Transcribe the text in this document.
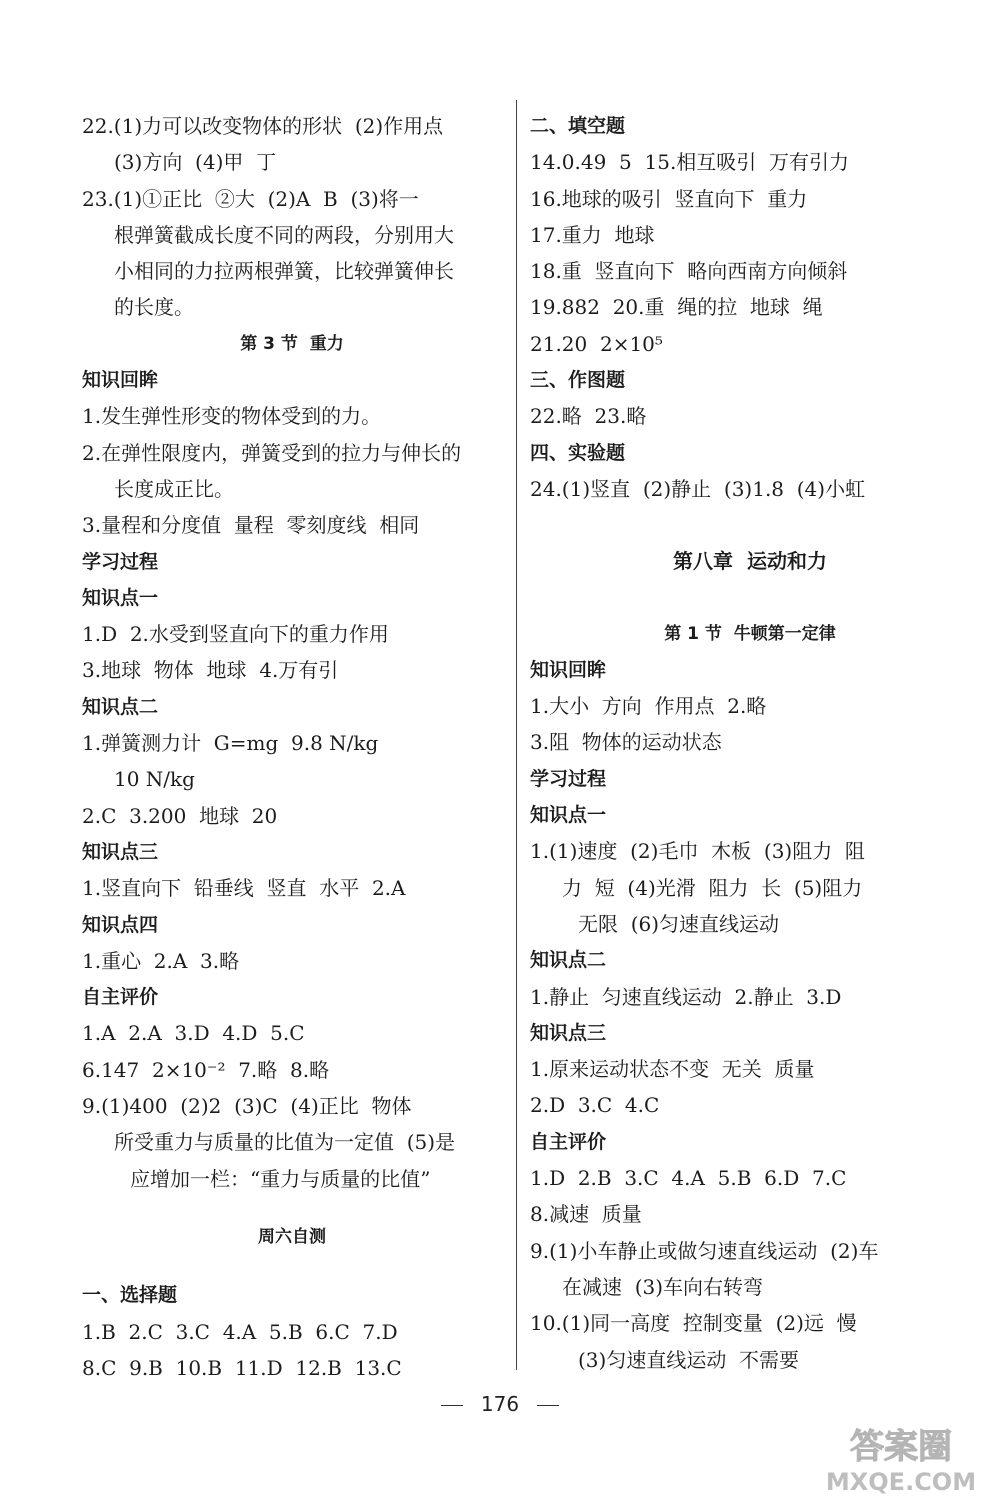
22.(1)力可以改变物体的形状  (2)作用点
(3)方向  (4)甲  丁
23.(1)①正比  ②大  (2)A  B  (3)将一
根弹簧截成长度不同的两段，分别用大
小相同的力拉两根弹簧，比较弹簧伸长
的长度。
第 3 节  重力
知识回眸
1.发生弹性形变的物体受到的力。
2.在弹性限度内，弹簧受到的拉力与伸长的
长度成正比。
3.量程和分度值  量程  零刻度线  相同
学习过程
知识点一
1.D  2.水受到竖直向下的重力作用
3.地球  物体  地球  4.万有引
知识点二
1.弹簧测力计  G=mg  9.8 N/kg
10 N/kg
2.C  3.200  地球  20
知识点三
1.竖直向下  铅垂线  竖直  水平  2.A
知识点四
1.重心  2.A  3.略
自主评价
1.A  2.A  3.D  4.D  5.C
6.147  2×10⁻²  7.略  8.略
9.(1)400  (2)2  (3)C  (4)正比  物体
所受重力与质量的比值为一定值  (5)是
应增加一栏：“重力与质量的比值”
周六自测
一、选择题
1.B  2.C  3.C  4.A  5.B  6.C  7.D
8.C  9.B  10.B  11.D  12.B  13.C
二、填空题
14.0.49  5  15.相互吸引  万有引力
16.地球的吸引  竖直向下  重力
17.重力  地球
18.重  竖直向下  略向西南方向倾斜
19.882  20.重  绳的拉  地球  绳
21.20  2×10⁵
三、作图题
22.略  23.略
四、实验题
24.(1)竖直  (2)静止  (3)1.8  (4)小虹
第八章  运动和力
第 1 节  牛顿第一定律
知识回眸
1.大小  方向  作用点  2.略
3.阻  物体的运动状态
学习过程
知识点一
1.(1)速度  (2)毛巾  木板  (3)阻力  阻
力  短  (4)光滑  阻力  长  (5)阻力
无限  (6)匀速直线运动
知识点二
1.静止  匀速直线运动  2.静止  3.D
知识点三
1.原来运动状态不变  无关  质量
2.D  3.C  4.C
自主评价
1.D  2.B  3.C  4.A  5.B  6.D  7.C
8.减速  质量
9.(1)小车静止或做匀速直线运动  (2)车
在减速  (3)车向右转弯
10.(1)同一高度  控制变量  (2)远  慢
(3)匀速直线运动  不需要
176
答案圈
MXQE.COM
